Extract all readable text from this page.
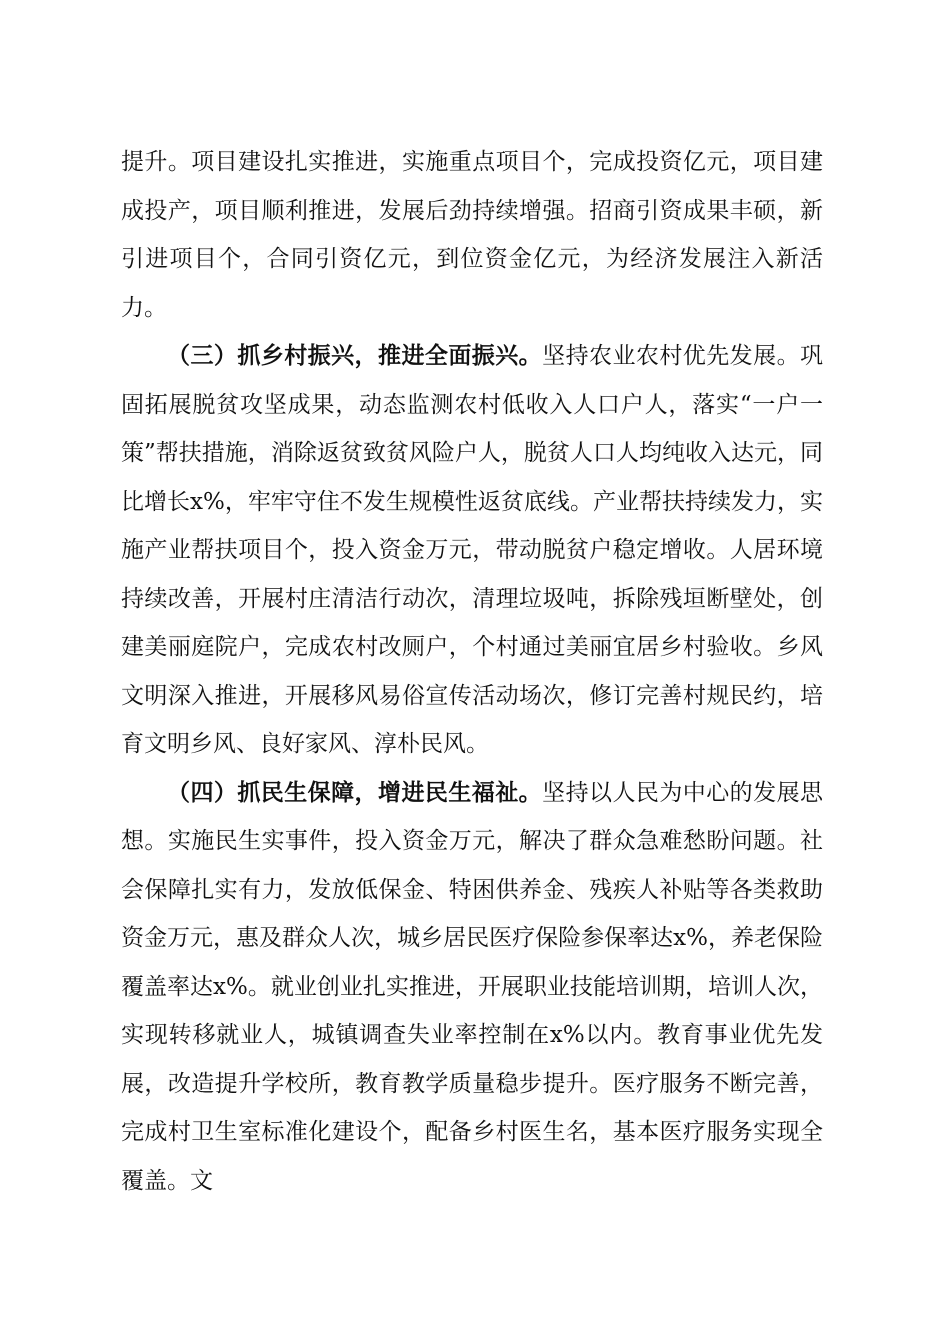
提升。项目建设扎实推进，实施重点项目个，完成投资亿元，项目建成投产，项目顺利推进，发展后劲持续增强。招商引资成果丰硕，新引进项目个，合同引资亿元，到位资金亿元，为经济发展注入新活力。

（三）抓乡村振兴，推进全面振兴。坚持农业农村优先发展。巩固拓展脱贫攻坚成果，动态监测农村低收入人口户人，落实“一户一策”帮扶措施，消除返贫致贫风险户人，脱贫人口人均纯收入达元，同比增长x%，牢牢守住不发生规模性返贫底线。产业帮扶持续发力，实施产业帮扶项目个，投入资金万元，带动脱贫户稳定增收。人居环境持续改善，开展村庄清洁行动次，清理垃圾吨，拆除残垣断壁处，创建美丽庭院户，完成农村改厕户，个村通过美丽宜居乡村验收。乡风文明深入推进，开展移风易俗宣传活动场次，修订完善村规民约，培育文明乡风、良好家风、淳朴民风。

（四）抓民生保障，增进民生福祉。坚持以人民为中心的发展思想。实施民生实事件，投入资金万元，解决了群众急难愁盼问题。社会保障扎实有力，发放低保金、特困供养金、残疾人补贴等各类救助资金万元，惠及群众人次，城乡居民医疗保险参保率达x%，养老保险覆盖率达x%。就业创业扎实推进，开展职业技能培训期，培训人次，实现转移就业人，城镇调查失业率控制在x%以内。教育事业优先发展，改造提升学校所，教育教学质量稳步提升。医疗服务不断完善，完成村卫生室标准化建设个，配备乡村医生名，基本医疗服务实现全覆盖。文
